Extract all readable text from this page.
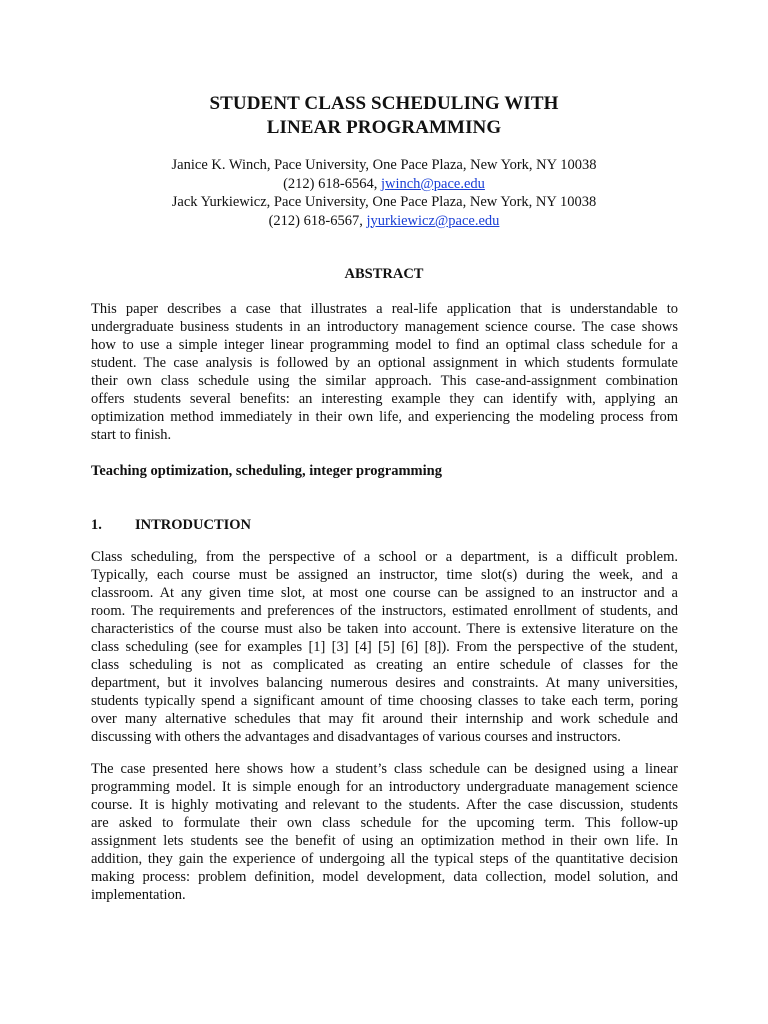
STUDENT CLASS SCHEDULING WITH
LINEAR PROGRAMMING
Janice K. Winch, Pace University, One Pace Plaza, New York, NY 10038
(212) 618-6564, jwinch@pace.edu
Jack Yurkiewicz, Pace University, One Pace Plaza, New York, NY 10038
(212) 618-6567, jyurkiewicz@pace.edu
ABSTRACT
This paper describes a case that illustrates a real-life application that is understandable to
undergraduate business students in an introductory management science course. The case shows
how to use a simple integer linear programming model to find an optimal class schedule for a
student. The case analysis is followed by an optional assignment in which students formulate
their own class schedule using the similar approach. This case-and-assignment combination
offers students several benefits: an interesting example they can identify with, applying an
optimization method immediately in their own life, and experiencing the modeling process from
start to finish.
Teaching optimization, scheduling, integer programming
1. INTRODUCTION
Class scheduling, from the perspective of a school or a department, is a difficult problem.
Typically, each course must be assigned an instructor, time slot(s) during the week, and a
classroom. At any given time slot, at most one course can be assigned to an instructor and a
room. The requirements and preferences of the instructors, estimated enrollment of students, and
characteristics of the course must also be taken into account. There is extensive literature on the
class scheduling (see for examples [1] [3] [4] [5] [6] [8]). From the perspective of the student,
class scheduling is not as complicated as creating an entire schedule of classes for the
department, but it involves balancing numerous desires and constraints. At many universities,
students typically spend a significant amount of time choosing classes to take each term, poring
over many alternative schedules that may fit around their internship and work schedule and
discussing with others the advantages and disadvantages of various courses and instructors.
The case presented here shows how a student’s class schedule can be designed using a linear
programming model. It is simple enough for an introductory undergraduate management science
course. It is highly motivating and relevant to the students. After the case discussion, students
are asked to formulate their own class schedule for the upcoming term. This follow-up
assignment lets students see the benefit of using an optimization method in their own life. In
addition, they gain the experience of undergoing all the typical steps of the quantitative decision
making process: problem definition, model development, data collection, model solution, and
implementation.
